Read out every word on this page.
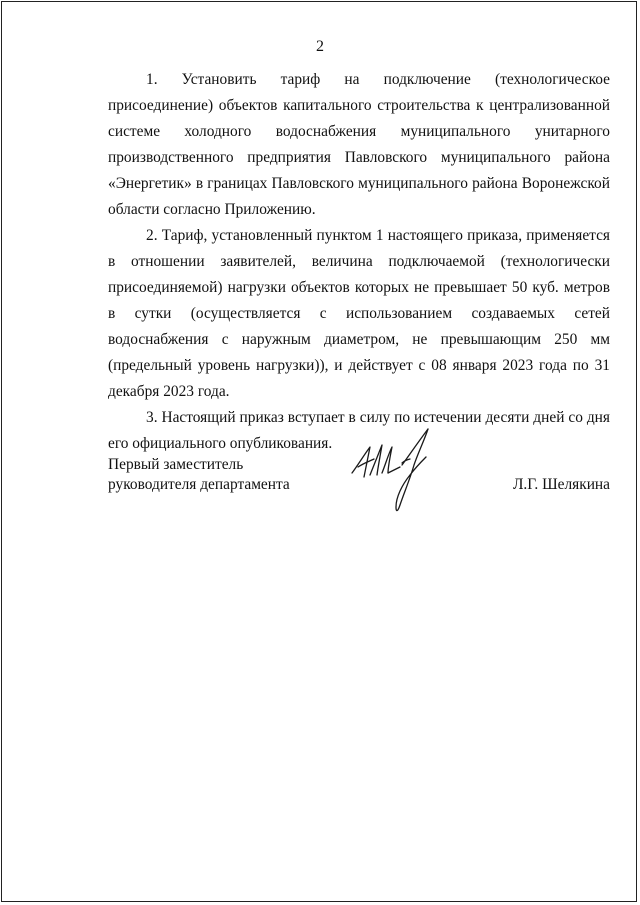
2

1. Установить тариф на подключение (технологическое присоединение) объектов капитального строительства к централизованной системе холодного водоснабжения муниципального унитарного производственного предприятия Павловского муниципального района «Энергетик» в границах Павловского муниципального района Воронежской области согласно Приложению.

2. Тариф, установленный пунктом 1 настоящего приказа, применяется в отношении заявителей, величина подключаемой (технологически присоединяемой) нагрузки объектов которых не превышает 50 куб. метров в сутки (осуществляется с использованием создаваемых сетей водоснабжения с наружным диаметром, не превышающим 250 мм (предельный уровень нагрузки)), и действует с 08 января 2023 года по 31 декабря 2023 года.

3. Настоящий приказ вступает в силу по истечении десяти дней со дня его официального опубликования.

Первый заместитель
руководителя департамента	Л.Г. Шелякина
